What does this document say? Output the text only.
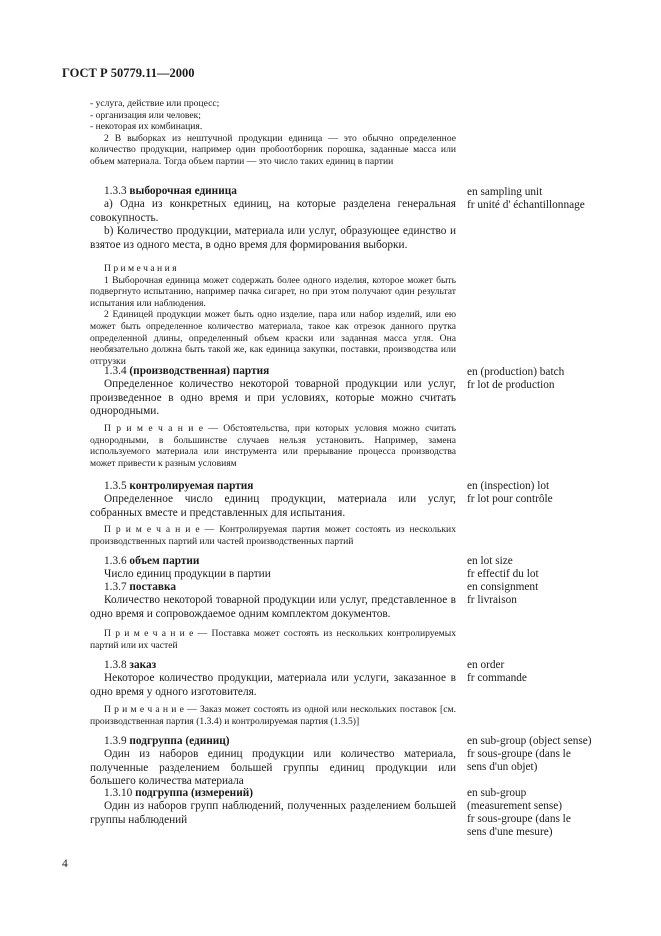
ГОСТ Р 50779.11—2000
- услуга, действие или процесс;
- организация или человек;
- некоторая их комбинация.

2 В выборках из нештучной продукции единица — это обычно определенное количество продукции, например один пробоотборник порошка, заданные масса или объем материала. Тогда объем партии — это число таких единиц в партии

1.3.3 выборочная единица

а) Одна из конкретных единиц, на которые разделена генеральная совокупность.

b) Количество продукции, материала или услуг, образующее единство и взятое из одного места, в одно время для формирования выборки.

en sampling unit
fr unité d' échantillonnage

П р и м е ч а н и я

1 Выборочная единица может содержать более одного изделия, которое может быть подвергнуто испытанию, например пачка сигарет, но при этом получают один результат испытания или наблюдения.

2 Единицей продукции может быть одно изделие, пара или набор изделий, или ею может быть определенное количество материала, такое как отрезок данного прутка определенной длины, определенный объем краски или заданная масса угля. Она необязательно должна быть такой же, как единица закупки, поставки, производства или отгрузки

1.3.4 (производственная) партия

Определенное количество некоторой товарной продукции или услуг, произведенное в одно время и при условиях, которые можно считать однородными.

en (production) batch
fr lot de production

П р и м е ч а н и е — Обстоятельства, при которых условия можно считать однородными, в большинстве случаев нельзя установить. Например, замена используемого материала или инструмента или прерывание процесса производства может привести к разным условиям

1.3.5 контролируемая партия

Определенное число единиц продукции, материала или услуг, собранных вместе и представленных для испытания.

en (inspection) lot
fr lot pour contrôle

П р и м е ч а н и е — Контролируемая партия может состоять из нескольких производственных партий или частей производственных партий

1.3.6 объем партии

Число единиц продукции в партии

1.3.7 поставка

Количество некоторой товарной продукции или услуг, представленное в одно время и сопровождаемое одним комплектом документов.

en lot size
fr effectif du lot
en consignment
fr livraison

П р и м е ч а н и е — Поставка может состоять из нескольких контролируемых партий или их частей

1.3.8 заказ

Некоторое количество продукции, материала или услуги, заказанное в одно время у одного изготовителя.

en order
fr commande

П р и м е ч а н и е — Заказ может состоять из одной или нескольких поставок [см. производственная партия (1.3.4) и контролируемая партия (1.3.5)]

1.3.9 подгруппа (единиц)

Один из наборов единиц продукции или количество материала, полученные разделением большей группы единиц продукции или большего количества материала

en sub-group (object sense)
fr sous-groupe (dans le
sens d'un objet)

1.3.10 подгруппа (измерений)

Один из наборов групп наблюдений, полученных разделением большей группы наблюдений

en sub-group
(measurement sense)
fr sous-groupe (dans le
sens d'une mesure)
4
